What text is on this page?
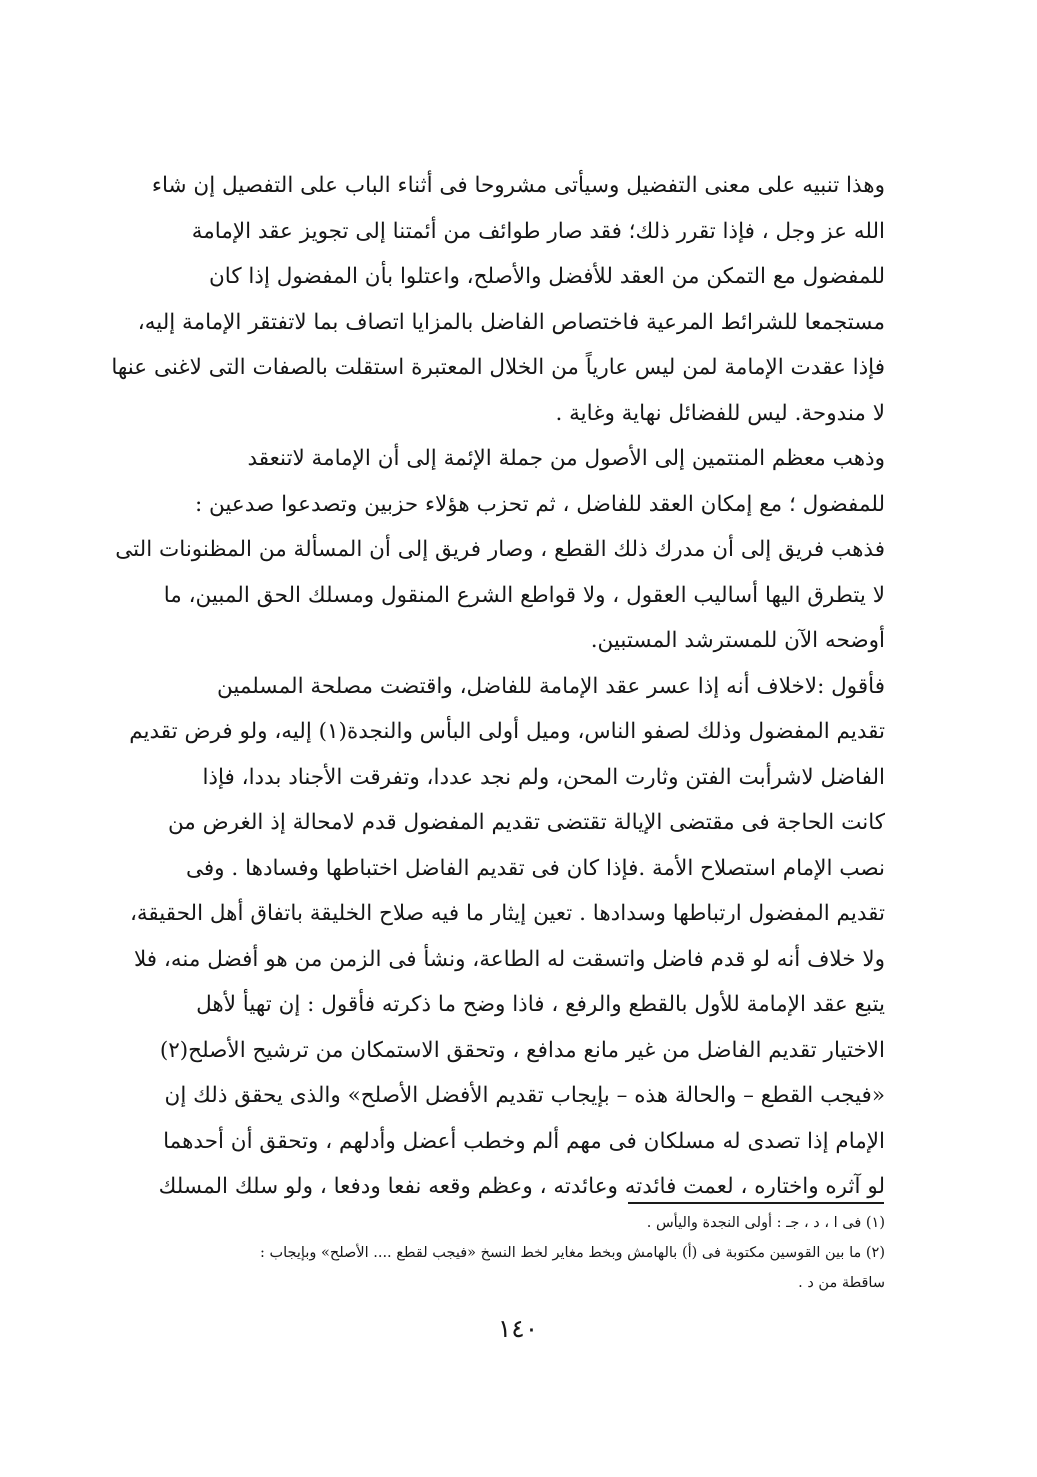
وهذا تنبيه على معنى التفضيل وسيأتى مشروحا فى أثناء الباب على التفصيل إن شاء
الله عز وجل ، فإذا تقرر ذلك؛ فقد صار طوائف من أئمتنا إلى تجويز عقد الإمامة
للمفضول مع التمكن من العقد للأفضل والأصلح، واعتلوا بأن المفضول إذا كان
مستجمعا للشرائط المرعية فاختصاص الفاضل بالمزايا اتصاف بما لاتفتقر الإمامة إليه،
فإذا عقدت الإمامة لمن ليس عارياً من الخلال المعتبرة استقلت بالصفات التى لاغنى عنها
لا مندوحة. ليس للفضائل نهاية وغاية .
وذهب معظم المنتمين إلى الأصول من جملة الإئمة إلى أن الإمامة لاتنعقد
للمفضول ؛ مع إمكان العقد للفاضل ، ثم تحزب هؤلاء حزبين وتصدعوا صدعين :
فذهب فريق إلى أن مدرك ذلك القطع ، وصار فريق إلى أن المسألة من المظنونات التى
لا يتطرق اليها أساليب العقول ، ولا قواطع الشرع المنقول ومسلك الحق المبين، ما
أوضحه الآن للمسترشد المستبين.
فأقول :لاخلاف أنه إذا عسر عقد الإمامة للفاضل، واقتضت مصلحة المسلمين
تقديم المفضول وذلك لصفو الناس، وميل أولى البأس والنجدة(١) إليه، ولو فرض تقديم
الفاضل لاشرأبت الفتن وثارت المحن، ولم نجد عددا، وتفرقت الأجناد بددا، فإذا
كانت الحاجة فى مقتضى الإيالة تقتضى تقديم المفضول قدم لامحالة إذ الغرض من
نصب الإمام استصلاح الأمة .فإذا كان فى تقديم الفاضل اختباطها وفسادها . وفى
تقديم المفضول ارتباطها وسدادها . تعين إيثار ما فيه صلاح الخليقة باتفاق أهل الحقيقة،
ولا خلاف أنه لو قدم فاضل واتسقت له الطاعة، ونشأ فى الزمن من هو أفضل منه، فلا
يتبع عقد الإمامة للأول بالقطع والرفع ، فاذا وضح ما ذكرته فأقول : إن تهيأ لأهل
الاختيار تقديم الفاضل من غير مانع مدافع ، وتحقق الاستمكان من ترشيح الأصلح(٢)
«فيجب القطع – والحالة هذه – بإيجاب تقديم الأفضل الأصلح» والذى يحقق ذلك إن
الإمام إذا تصدى له مسلكان فى مهم ألم وخطب أعضل وأدلهم ، وتحقق أن أحدهما
لو آثره واختاره ، لعمت فائدته وعائدته ، وعظم وقعه نفعا ودفعا ، ولو سلك المسلك
(١) فى ا ، د ، جـ : أولى النجدة واليأس .
(٢) ما بين القوسين مكتوبة فى (أ) بالهامش وبخط مغاير لخط النسخ «فيجب لقطع .... الأصلح» وبإيجاب :
ساقطة من د .
١٤٠
